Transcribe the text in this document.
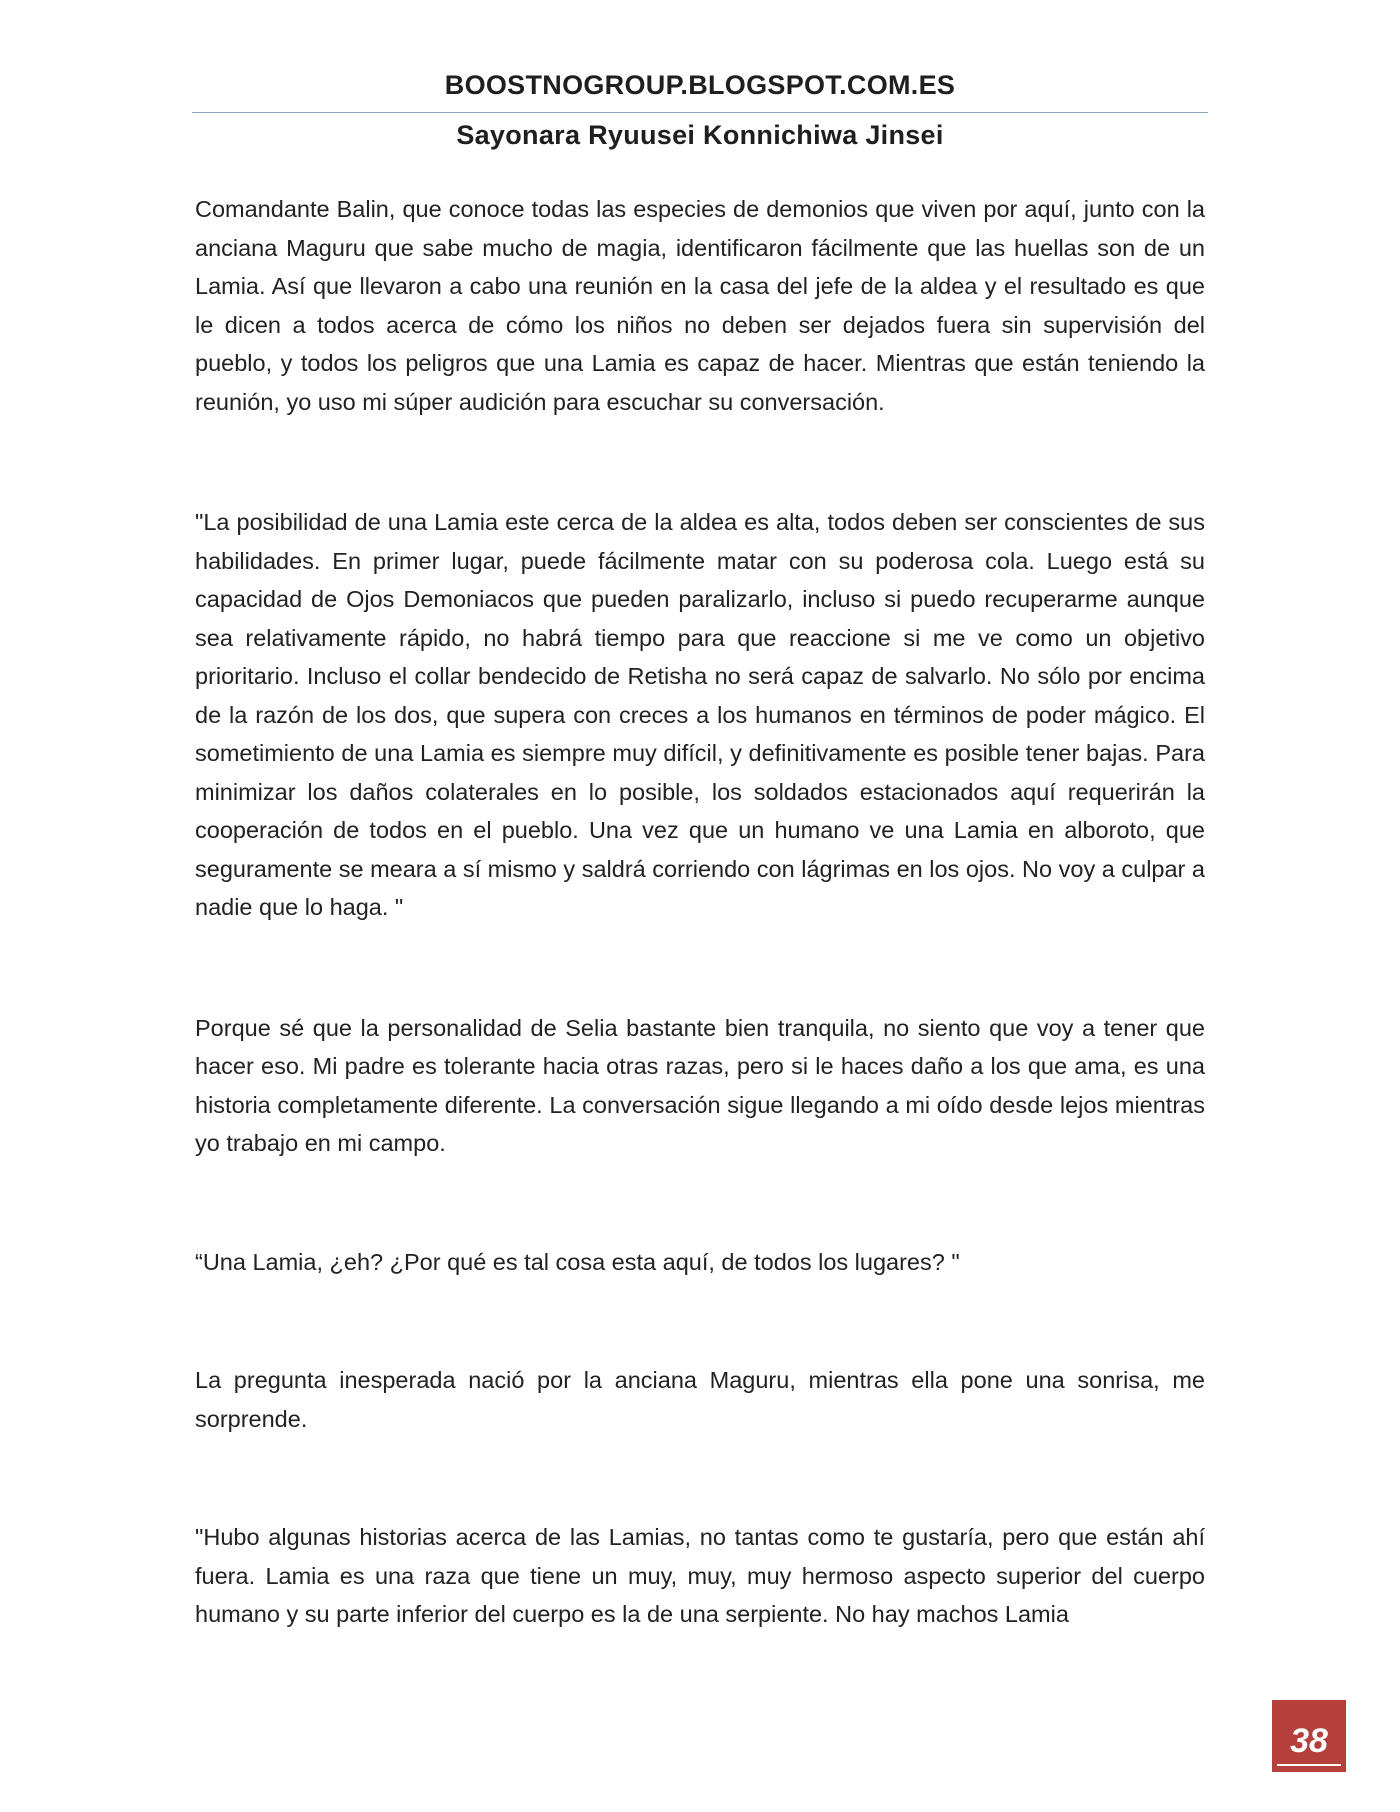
BOOSTNOGROUP.BLOGSPOT.COM.ES
Sayonara Ryuusei Konnichiwa Jinsei

Comandante Balin, que conoce todas las especies de demonios que viven por aquí, junto con la anciana Maguru que sabe mucho de magia, identificaron fácilmente que las huellas son de un Lamia. Así que llevaron a cabo una reunión en la casa del jefe de la aldea y el resultado es que le dicen a todos acerca de cómo los niños no deben ser dejados fuera sin supervisión del pueblo, y todos los peligros que una Lamia es capaz de hacer. Mientras que están teniendo la reunión, yo uso mi súper audición para escuchar su conversación.

"La posibilidad de una Lamia este cerca de la aldea es alta, todos deben ser conscientes de sus habilidades. En primer lugar, puede fácilmente matar con su poderosa cola. Luego está su capacidad de Ojos Demoniacos que pueden paralizarlo, incluso si puedo recuperarme aunque sea relativamente rápido, no habrá tiempo para que reaccione si me ve como un objetivo prioritario. Incluso el collar bendecido de Retisha no será capaz de salvarlo. No sólo por encima de la razón de los dos, que supera con creces a los humanos en términos de poder mágico. El sometimiento de una Lamia es siempre muy difícil, y definitivamente es posible tener bajas. Para minimizar los daños colaterales en lo posible, los soldados estacionados aquí requerirán la cooperación de todos en el pueblo. Una vez que un humano ve una Lamia en alboroto, que seguramente se meara a sí mismo y saldrá corriendo con lágrimas en los ojos. No voy a culpar a nadie que lo haga. "

Porque sé que la personalidad de Selia bastante bien tranquila, no siento que voy a tener que hacer eso. Mi padre es tolerante hacia otras razas, pero si le haces daño a los que ama, es una historia completamente diferente. La conversación sigue llegando a mi oído desde lejos mientras yo trabajo en mi campo.

“Una Lamia, ¿eh? ¿Por qué es tal cosa esta aquí, de todos los lugares? "

La pregunta inesperada nació por la anciana Maguru, mientras ella pone una sonrisa, me sorprende.

"Hubo algunas historias acerca de las Lamias, no tantas como te gustaría, pero que están ahí fuera. Lamia es una raza que tiene un muy, muy, muy hermoso aspecto superior del cuerpo humano y su parte inferior del cuerpo es la de una serpiente. No hay machos Lamia

38
